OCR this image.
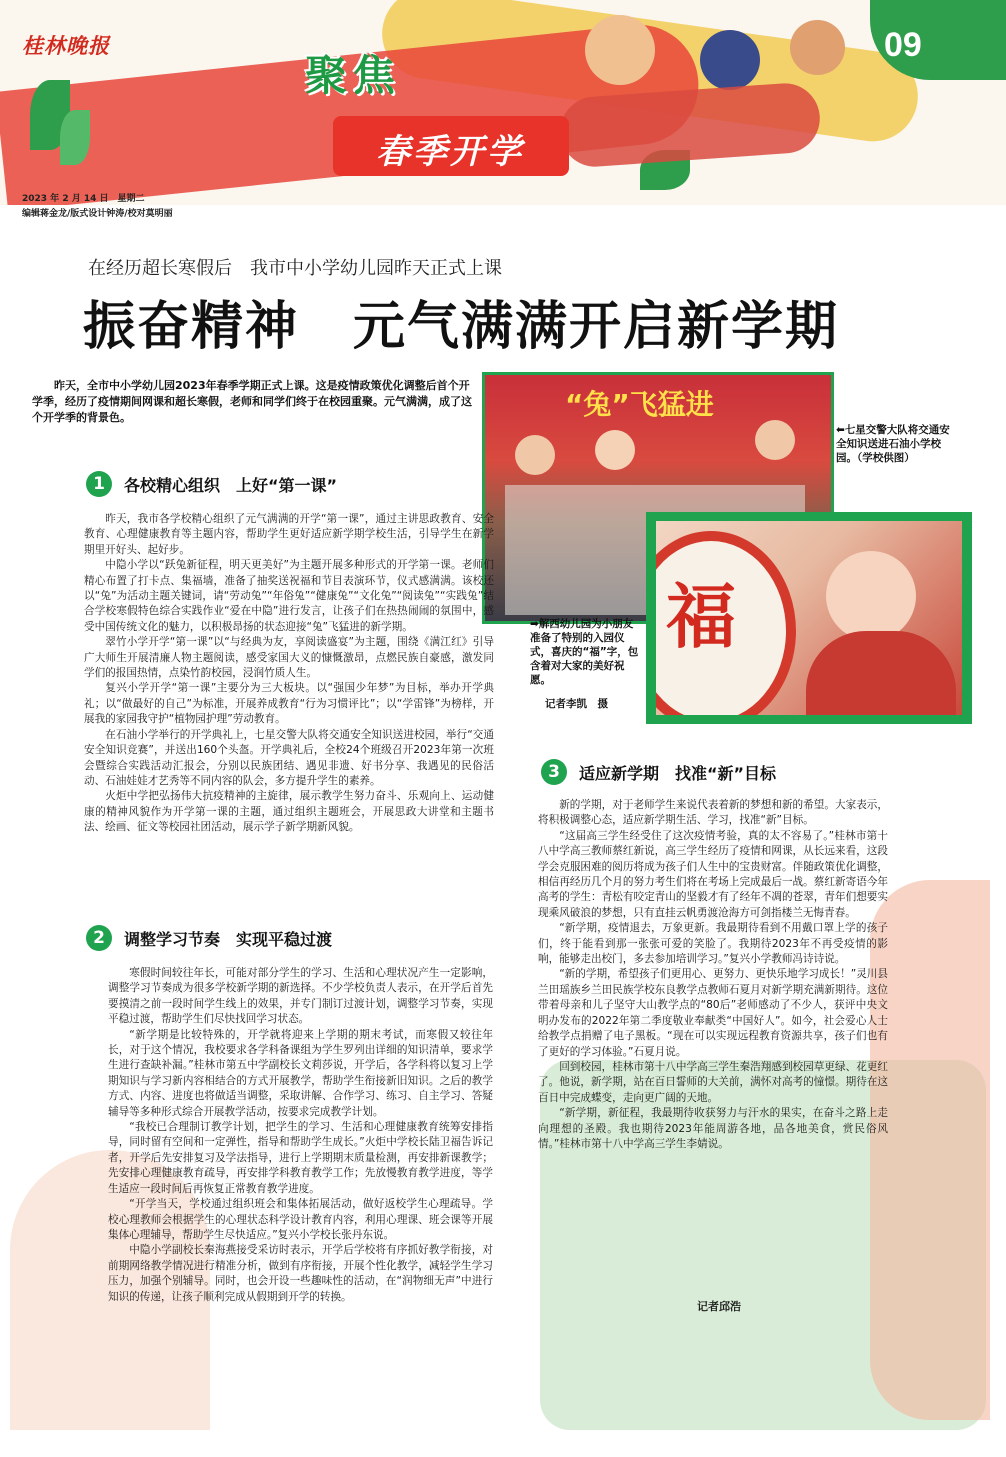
桂林晚报
聚焦
春季开学
09
2023 年 2 月 14 日　星期二
编辑蒋金龙/版式设计钟涛/校对莫明丽
在经历超长寒假后　我市中小学幼儿园昨天正式上课
振奋精神　元气满满开启新学期
昨天，全市中小学幼儿园2023年春季学期正式上课。这是疫情政策优化调整后首个开学季，经历了疫情期间网课和超长寒假，老师和同学们终于在校园重聚。元气满满，成了这个开学季的背景色。	“兔”飞猛进
⬅七星交警大队将交通安全知识送进石油小学校园。（学校供图）
福
➡解西幼儿园为小朋友准备了特别的入园仪式，喜庆的“福”字，包含着对大家的美好祝愿。
记者李凯　摄
1	各校精心组织　上好“第一课”

昨天，我市各学校精心组织了元气满满的开学“第一课”，通过主讲思政教育、安全教育、心理健康教育等主题内容，帮助学生更好适应新学期学校生活，引导学生在新学期里开好头、起好步。

中隐小学以“跃兔新征程，明天更美好”为主题开展多种形式的开学第一课。老师们精心布置了打卡点、集福墙，准备了抽奖送祝福和节目表演环节，仪式感满满。该校还以“兔”为活动主题关键词，请“劳动兔”“年俗兔”“健康兔”“文化兔”“阅读兔”“实践兔”结合学校寒假特色综合实践作业“爱在中隐”进行发言，让孩子们在热热闹闹的氛围中，感受中国传统文化的魅力，以积极昂扬的状态迎接“兔”飞猛进的新学期。

翠竹小学开学“第一课”以“与经典为友，享阅读盛宴”为主题，围绕《满江红》引导广大师生开展清廉人物主题阅读，感受家国大义的慷慨激昂，点燃民族自豪感，激发同学们的报国热情，点染竹韵校园，浸润竹质人生。

复兴小学开学“第一课”主要分为三大板块。以“强国少年梦”为目标，举办开学典礼；以“做最好的自己”为标准，开展养成教育“行为习惯评比”；以“学雷锋”为榜样，开展我的家园我守护“植物园护理”劳动教育。

在石油小学举行的开学典礼上，七星交警大队将交通安全知识送进校园，举行“交通安全知识竞赛”，并送出160个头盔。开学典礼后，全校24个班级召开2023年第一次班会暨综合实践活动汇报会，分别以民族团结、遇见非遗、好书分享、我遇见的民俗活动、石油娃娃才艺秀等不同内容的队会，多方提升学生的素养。

火炬中学把弘扬伟大抗疫精神的主旋律，展示教学生努力奋斗、乐观向上、运动健康的精神风貌作为开学第一课的主题，通过组织主题班会，开展思政大讲堂和主题书法、绘画、征文等校园社团活动，展示学子新学期新风貌。

2	调整学习节奏　实现平稳过渡

寒假时间较往年长，可能对部分学生的学习、生活和心理状况产生一定影响，调整学习节奏成为很多学校新学期的新选择。不少学校负责人表示，在开学后首先要摸清之前一段时间学生线上的效果，并专门制订过渡计划，调整学习节奏，实现平稳过渡，帮助学生们尽快找回学习状态。

“新学期是比较特殊的，开学就将迎来上学期的期末考试，而寒假又较往年长，对于这个情况，我校要求各学科备课组为学生罗列出详细的知识清单，要求学生进行查缺补漏。”桂林市第五中学副校长文莉莎说，开学后，各学科将以复习上学期知识与学习新内容相结合的方式开展教学，帮助学生衔接新旧知识。之后的教学方式、内容、进度也将做适当调整，采取讲解、合作学习、练习、自主学习、答疑辅导等多种形式综合开展教学活动，按要求完成教学计划。

“我校已合理制订教学计划，把学生的学习、生活和心理健康教育统筹安排指导，同时留有空间和一定弹性，指导和帮助学生成长。”火炬中学校长陆卫福告诉记者，开学后先安排复习及学法指导，进行上学期期末质量检测，再安排新课教学；先安排心理健康教育疏导，再安排学科教育教学工作；先放慢教育教学进度，等学生适应一段时间后再恢复正常教育教学进度。

“开学当天，学校通过组织班会和集体拓展活动，做好返校学生心理疏导。学校心理教师会根据学生的心理状态科学设计教育内容，利用心理课、班会课等开展集体心理辅导，帮助学生尽快适应。”复兴小学校长张丹东说。

中隐小学副校长秦海燕接受采访时表示，开学后学校将有序抓好教学衔接，对前期网络教学情况进行精准分析，做到有序衔接，开展个性化教学，减轻学生学习压力，加强个别辅导。同时，也会开设一些趣味性的活动，在“润物细无声”中进行知识的传递，让孩子顺利完成从假期到开学的转换。

3	适应新学期　找准“新”目标

新的学期，对于老师学生来说代表着新的梦想和新的希望。大家表示，将积极调整心态，适应新学期生活、学习，找准“新”目标。

“这届高三学生经受住了这次疫情考验，真的太不容易了。”桂林市第十八中学高三教师蔡红新说，高三学生经历了疫情和网课，从长远来看，这段学会克服困难的阅历将成为孩子们人生中的宝贵财富。伴随政策优化调整，相信再经历几个月的努力考生们将在考场上完成最后一战。蔡红新寄语今年高考的学生：青松有咬定青山的坚毅才有了经年不凋的苍翠，青年们想要实现乘风破浪的梦想，只有直挂云帆勇渡沧海方可剑指楼兰无悔青春。

“新学期，疫情退去，万象更新。我最期待看到不用戴口罩上学的孩子们，终于能看到那一张张可爱的笑脸了。我期待2023年不再受疫情的影响，能够走出校门，多去参加培训学习。”复兴小学教师冯诗诗说。

“新的学期，希望孩子们更用心、更努力、更快乐地学习成长！”灵川县兰田瑶族乡兰田民族学校东良教学点教师石夏月对新学期充满新期待。这位带着母亲和儿子坚守大山教学点的“80后”老师感动了不少人，获评中央文明办发布的2022年第二季度敬业奉献类“中国好人”。如今，社会爱心人士给教学点捐赠了电子黑板。“现在可以实现远程教育资源共享，孩子们也有了更好的学习体验。”石夏月说。

回到校园，桂林市第十八中学高三学生秦浩翔感到校园草更绿、花更红了。他说，新学期，站在百日誓师的大关前，满怀对高考的憧憬。期待在这百日中完成蝶变，走向更广阔的天地。

“新学期，新征程，我最期待收获努力与汗水的果实，在奋斗之路上走向理想的圣殿。我也期待2023年能周游各地，品各地美食，赏民俗风情。”桂林市第十八中学高三学生李婧说。

记者邱浩
